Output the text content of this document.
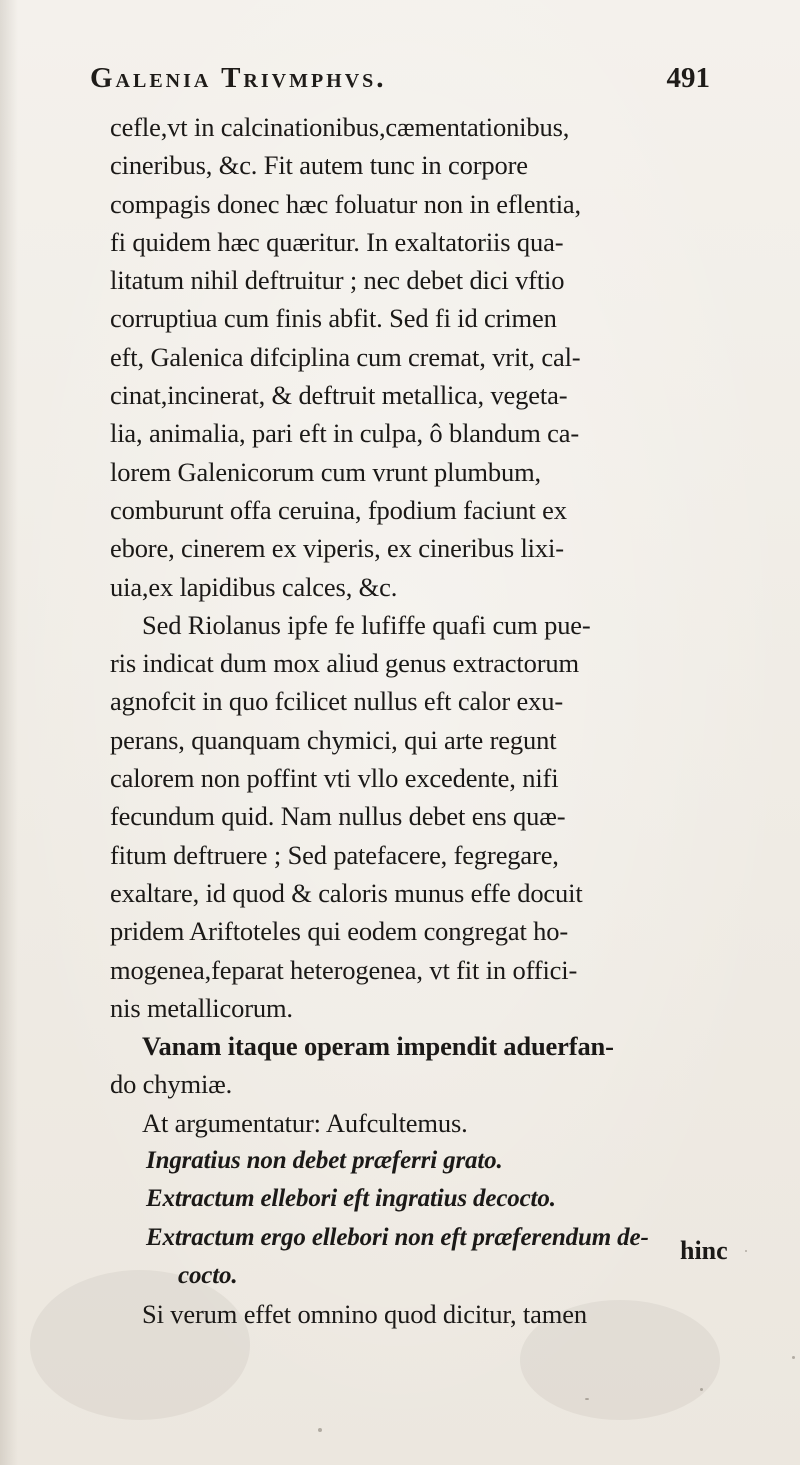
Galenia Trivmphvs.	491
cefle,vt in calcinationibus,cæmentationibus,
cineribus, &c. Fit autem tunc in corpore
compagis donec hæc foluatur non in eflentia,
fi quidem hæc quæritur. In exaltatoriis qua-
litatum nihil deftruitur ; nec debet dici vftio
corruptiua cum finis abfit. Sed fi id crimen
eft, Galenica difciplina cum cremat, vrit, cal-
cinat,incinerat, & deftruit metallica, vegeta-
lia, animalia, pari eft in culpa, ô blandum ca-
lorem Galenicorum cum vrunt plumbum,
comburunt offa ceruina, fpodium faciunt ex
ebore, cinerem ex viperis, ex cineribus lixi-
uia,ex lapidibus calces, &c.
Sed Riolanus ipfe fe lufiffe quafi cum pue-
ris indicat dum mox aliud genus extractorum
agnofcit in quo fcilicet nullus eft calor exu-
perans, quanquam chymici, qui arte regunt
calorem non poffint vti vllo excedente, nifi
fecundum quid. Nam nullus debet ens quæ-
fitum deftruere ; Sed patefacere, fegregare,
exaltare, id quod & caloris munus effe docuit
pridem Ariftoteles qui eodem congregat ho-
mogenea,feparat heterogenea, vt fit in offici-
nis metallicorum.
Vanam itaque operam impendit aduerfan-
do chymiæ.
At argumentatur: Aufcultemus.
Ingratius non debet præferri grato.
Extractum ellebori eft ingratius decocto.
Extractum ergo ellebori non eft præferendum de-
cocto.
Si verum effet omnino quod dicitur, tamen
hinc
